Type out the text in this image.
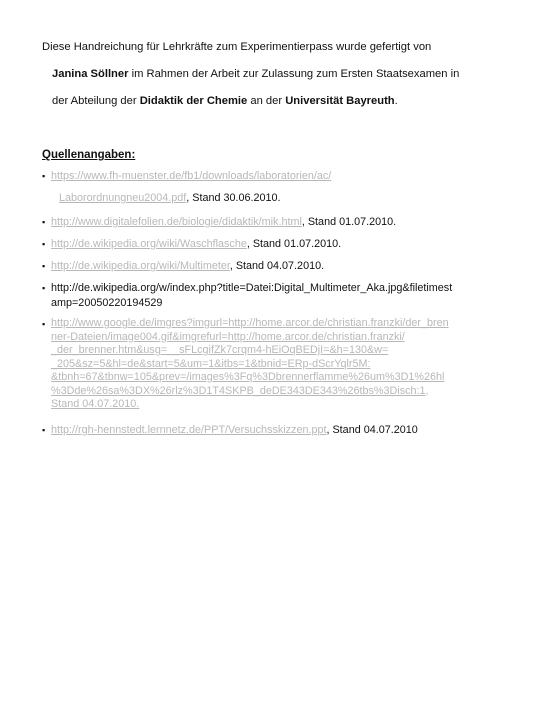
Diese Handreichung für Lehrkräfte zum Experimentierpass wurde gefertigt von
Janina Söllner im Rahmen der Arbeit zur Zulassung zum Ersten Staatsexamen in
der Abteilung der Didaktik der Chemie an der Universität Bayreuth.
Quellenangaben:
▪ https://www.fh-muenster.de/fb1/downloads/laboratorien/ac/
Laborordnungneu2004.pdf, Stand 30.06.2010.
▪ http://www.digitalefolien.de/biologie/didaktik/mik.html, Stand 01.07.2010.
▪ http://de.wikipedia.org/wiki/Waschflasche, Stand 01.07.2010.
▪ http://de.wikipedia.org/wiki/Multimeter, Stand 04.07.2010.
▪ http://de.wikipedia.org/w/index.php?title=Datei:Digital_Multimeter_Aka.jpg&filetimest
amp=20050220194529
▪ http://www.google.de/imgres?imgurl=http://home.arcor.de/christian.franzki/der_bren
ner-Dateien/image004.gif&imgrefurl=http://home.arcor.de/christian.franzki/
_der_brenner.htm&usg=__sFLcgifZk7crqm4-hEiOqBEDjI=&h=130&w=
_205&sz=5&hl=de&start=5&um=1&itbs=1&tbnid=ERp-dScrYqlr5M:
&tbnh=67&tbnw=105&prev=/images%3Fq%3Dbrennerflamme%26um%3D1%26hl
%3Dde%26sa%3DX%26rlz%3D1T4SKPB_deDE343DE343%26tbs%3Disch:1,
Stand 04.07.2010.
▪ http://rgh-hennstedt.lernnetz.de/PPT/Versuchsskizzen.ppt, Stand 04.07.2010
